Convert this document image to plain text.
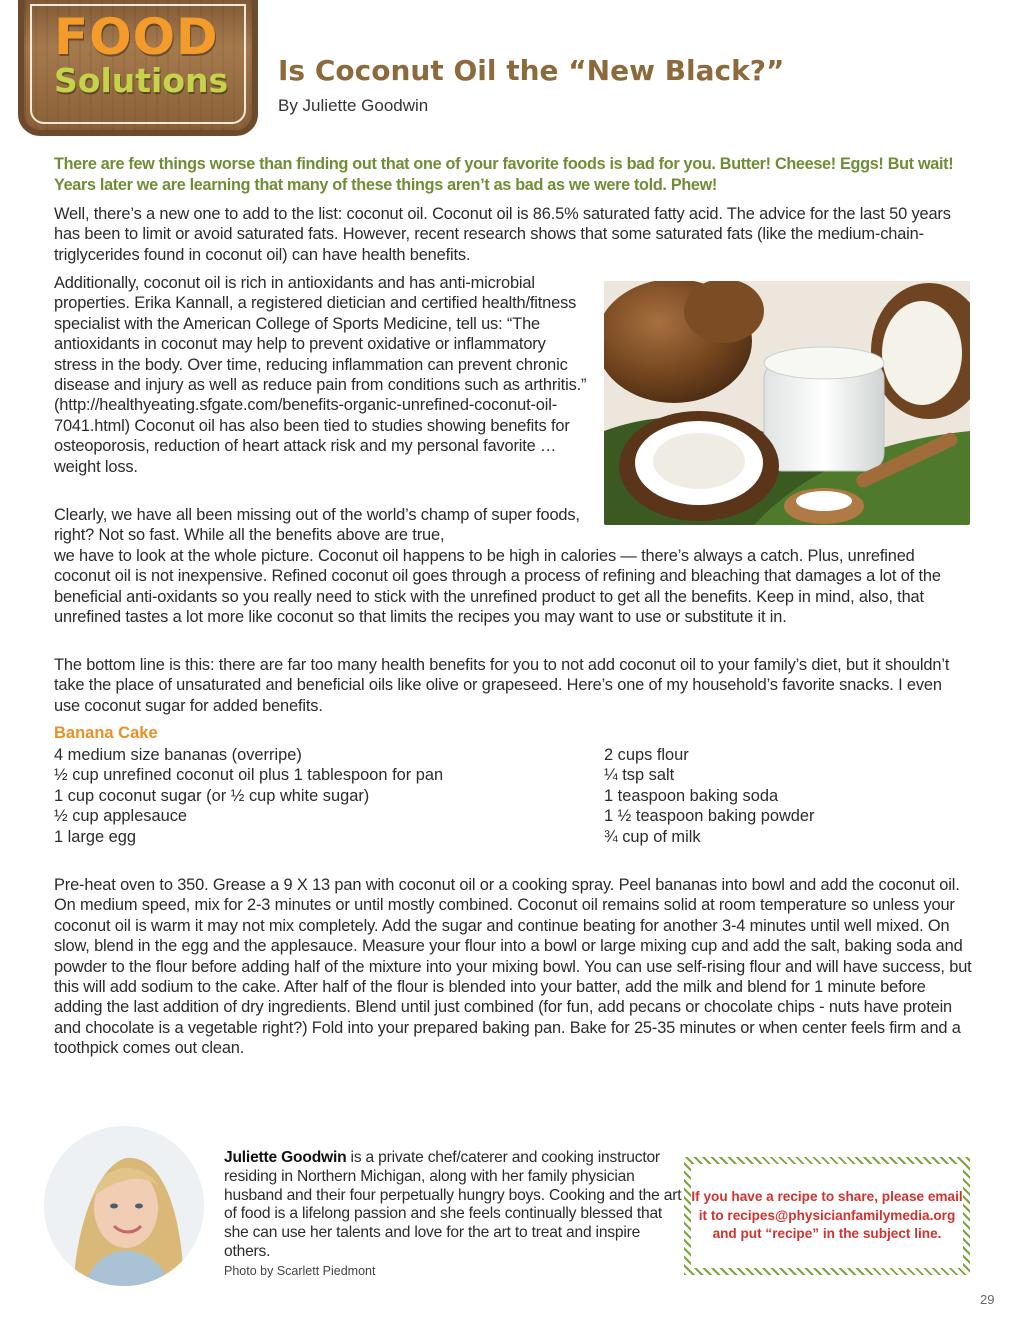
FOOD
Solutions Is Coconut Oil the “New Black?”
By Juliette Goodwin
There are few things worse than finding out that one of your favorite foods is bad for you. Butter! Cheese! Eggs! But wait! Years later we are learning that many of these things aren’t as bad as we were told. Phew!

Well, there’s a new one to add to the list: coconut oil. Coconut oil is 86.5% saturated fatty acid. The advice for the last 50 years has been to limit or avoid saturated fats. However, recent research shows that some saturated fats (like the medium-chain-triglycerides found in coconut oil) can have health benefits.

Additionally, coconut oil is rich in antioxidants and has anti-microbial properties. Erika Kannall, a registered dietician and certified health/fitness specialist with the American College of Sports Medicine, tell us: “The antioxidants in coconut may help to prevent oxidative or inflammatory stress in the body. Over time, reducing inflammation can prevent chronic disease and injury as well as reduce pain from conditions such as arthritis.” (http://healthyeating.sfgate.com/benefits-organic-unrefined-coconut-oil-7041.html) Coconut oil has also been tied to studies showing benefits for osteoporosis, reduction of heart attack risk and my personal favorite … weight loss.

Clearly, we have all been missing out of the world’s champ of super foods, right? Not so fast. While all the benefits above are true,

we have to look at the whole picture. Coconut oil happens to be high in calories — there’s always a catch. Plus, unrefined coconut oil is not inexpensive. Refined coconut oil goes through a process of refining and bleaching that damages a lot of the beneficial anti-oxidants so you really need to stick with the unrefined product to get all the benefits. Keep in mind, also, that unrefined tastes a lot more like coconut so that limits the recipes you may want to use or substitute it in.

The bottom line is this: there are far too many health benefits for you to not add coconut oil to your family’s diet, but it shouldn’t take the place of unsaturated and beneficial oils like olive or grapeseed. Here’s one of my household’s favorite snacks. I even use coconut sugar for added benefits.

Banana Cake
4 medium size bananas (overripe)
½ cup unrefined coconut oil plus 1 tablespoon for pan
1 cup coconut sugar (or ½ cup white sugar)
½ cup applesauce
1 large egg
2 cups flour
¼ tsp salt
1 teaspoon baking soda
1 ½ teaspoon baking powder
¾ cup of milk

Pre-heat oven to 350. Grease a 9 X 13 pan with coconut oil or a cooking spray. Peel bananas into bowl and add the coconut oil. On medium speed, mix for 2-3 minutes or until mostly combined. Coconut oil remains solid at room temperature so unless your coconut oil is warm it may not mix completely. Add the sugar and continue beating for another 3-4 minutes until well mixed. On slow, blend in the egg and the applesauce. Measure your flour into a bowl or large mixing cup and add the salt, baking soda and powder to the flour before adding half of the mixture into your mixing bowl. You can use self-rising flour and will have success, but this will add sodium to the cake. After half of the flour is blended into your batter, add the milk and blend for 1 minute before adding the last addition of dry ingredients. Blend until just combined (for fun, add pecans or chocolate chips - nuts have protein and chocolate is a vegetable right?) Fold into your prepared baking pan. Bake for 25-35 minutes or when center feels firm and a toothpick comes out clean.

Juliette Goodwin is a private chef/caterer and cooking instructor residing in Northern Michigan, along with her family physician husband and their four perpetually hungry boys. Cooking and the art of food is a lifelong passion and she feels continually blessed that she can use her talents and love for the art to treat and inspire others.
Photo by Scarlett Piedmont
If you have a recipe to share, please email it to recipes@physicianfamilymedia.org and put “recipe” in the subject line.
29
